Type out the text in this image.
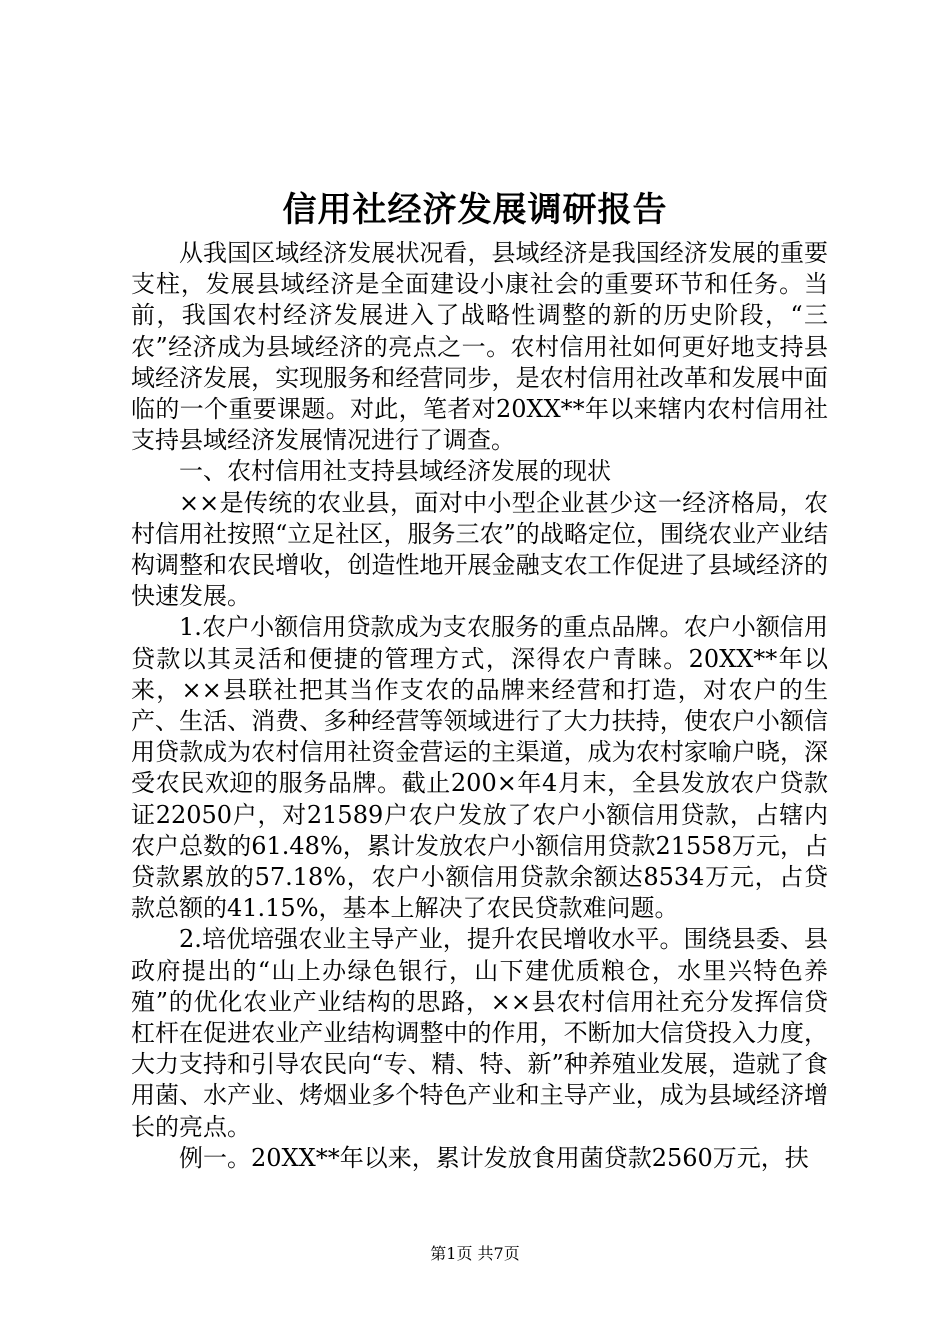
信用社经济发展调研报告

从我国区域经济发展状况看，县域经济是我国经济发展的重要支柱，发展县域经济是全面建设小康社会的重要环节和任务。当前，我国农村经济发展进入了战略性调整的新的历史阶段，“三农”经济成为县域经济的亮点之一。农村信用社如何更好地支持县域经济发展，实现服务和经营同步，是农村信用社改革和发展中面临的一个重要课题。对此，笔者对20XX**年以来辖内农村信用社支持县域经济发展情况进行了调查。

一、农村信用社支持县域经济发展的现状

××是传统的农业县，面对中小型企业甚少这一经济格局，农村信用社按照“立足社区，服务三农”的战略定位，围绕农业产业结构调整和农民增收，创造性地开展金融支农工作促进了县域经济的快速发展。

1.农户小额信用贷款成为支农服务的重点品牌。农户小额信用贷款以其灵活和便捷的管理方式，深得农户青睐。20XX**年以来，××县联社把其当作支农的品牌来经营和打造，对农户的生产、生活、消费、多种经营等领域进行了大力扶持，使农户小额信用贷款成为农村信用社资金营运的主渠道，成为农村家喻户晓，深受农民欢迎的服务品牌。截止200×年4月末，全县发放农户贷款证22050户，对21589户农户发放了农户小额信用贷款，占辖内农户总数的61.48%，累计发放农户小额信用贷款21558万元，占贷款累放的57.18%，农户小额信用贷款余额达8534万元，占贷款总额的41.15%，基本上解决了农民贷款难问题。

2.培优培强农业主导产业，提升农民增收水平。围绕县委、县政府提出的“山上办绿色银行，山下建优质粮仓，水里兴特色养殖”的优化农业产业结构的思路，××县农村信用社充分发挥信贷杠杆在促进农业产业结构调整中的作用，不断加大信贷投入力度，大力支持和引导农民向“专、精、特、新”种养殖业发展，造就了食用菌、水产业、烤烟业多个特色产业和主导产业，成为县域经济增长的亮点。

例一。20XX**年以来，累计发放食用菌贷款2560万元，扶

第1页 共7页
